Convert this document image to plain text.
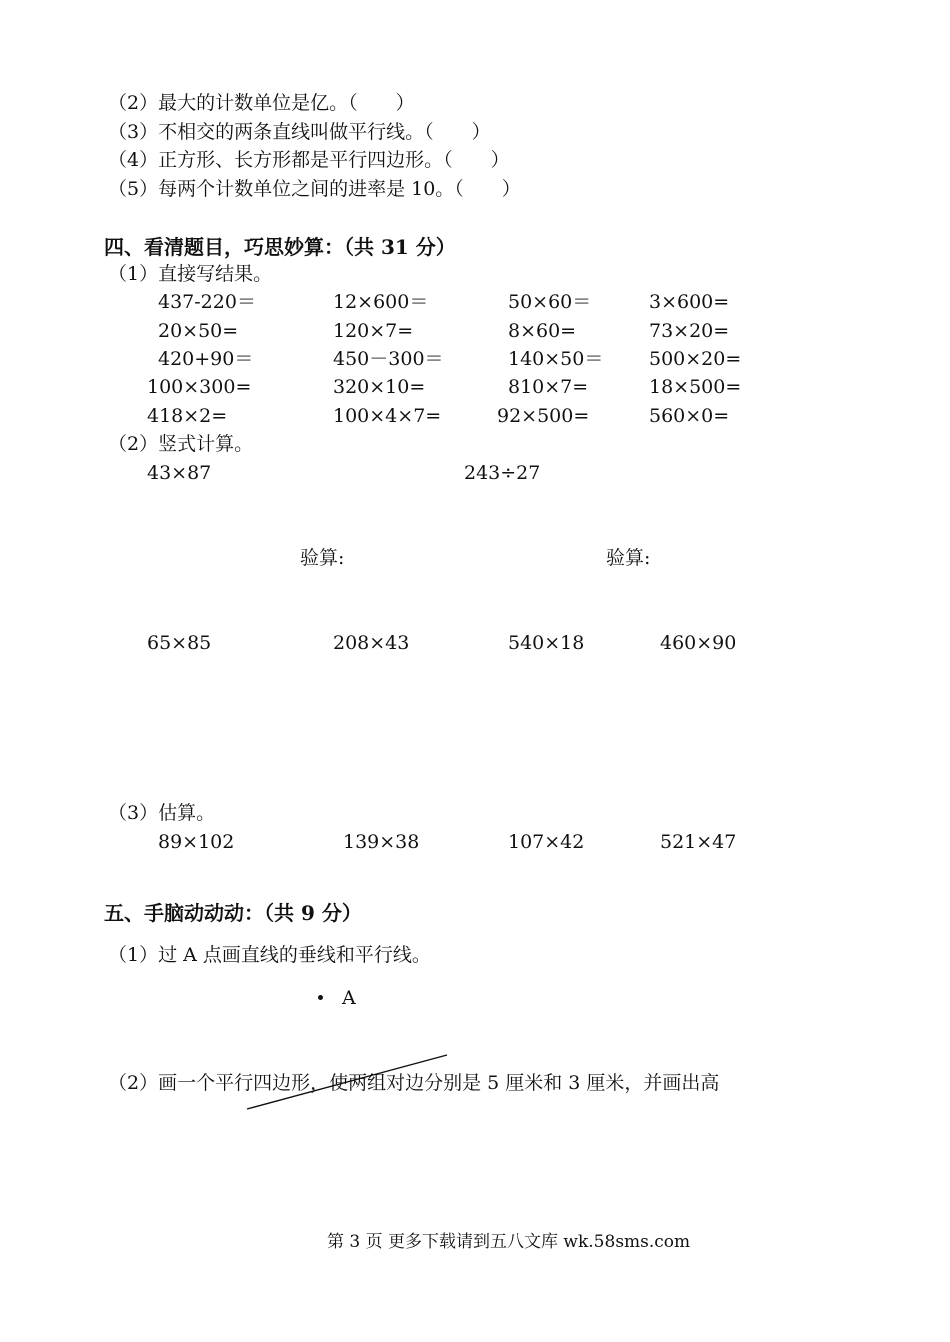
（2）最大的计数单位是亿。（　　）
（3）不相交的两条直线叫做平行线。（　　）
（4）正方形、长方形都是平行四边形。（　　）
（5）每两个计数单位之间的进率是 10。（　　）
四、看清题目，巧思妙算：（共 31 分）
（1）直接写结果。
437-220＝	12×600＝	50×60＝	3×600=
20×50=	120×7=	8×60=	73×20=
420+90＝	450－300＝	140×50＝ 500×20=
100×300=	320×10=	810×7=	18×500=
418×2=	100×4×7=	92×500=	560×0=
（2）竖式计算。
43×87	243÷27
验算:	验算:
65×85	208×43	540×18	460×90
（3）估算。
89×102	139×38	107×42	521×47
五、手脑动动动：（共 9 分）
（1）过 A 点画直线的垂线和平行线。
A
（2）画一个平行四边形，使两组对边分别是 5 厘米和 3 厘米，并画出高
第 3 页 更多下载请到五八文库 wk.58sms.com
